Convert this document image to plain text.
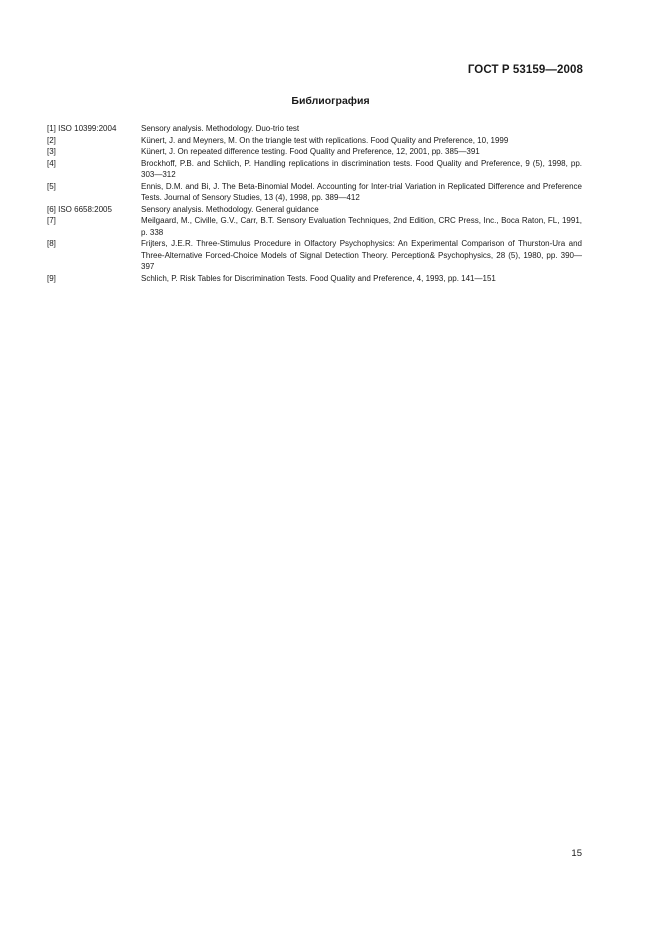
ГОСТ Р 53159—2008
Библиография
[1] ISO 10399:2004	Sensory analysis. Methodology. Duo-trio test
[2]	Künert, J. and Meyners, M. On the triangle test with replications. Food Quality and Preference, 10, 1999
[3]	Künert, J. On repeated difference testing. Food Quality and Preference, 12, 2001, pp. 385—391
[4]	Brockhoff, P.B. and Schlich, P. Handling replications in discrimination tests. Food Quality and Preference, 9 (5), 1998, pp. 303—312
[5]	Ennis, D.M. and Bi, J. The Beta-Binomial Model. Accounting for Inter-trial Variation in Replicated Difference and Preference Tests. Journal of Sensory Studies, 13 (4), 1998, pp. 389—412
[6] ISO 6658:2005	Sensory analysis. Methodology. General guidance
[7]	Meilgaard, M., Civille, G.V., Carr, B.T. Sensory Evaluation Techniques, 2nd Edition, CRC Press, Inc., Boca Raton, FL, 1991, p. 338
[8]	Frijters, J.E.R. Three-Stimulus Procedure in Olfactory Psychophysics: An Experimental Comparison of Thurston-Ura and Three-Alternative Forced-Choice Models of Signal Detection Theory. Perception& Psychophysics, 28 (5), 1980, pp. 390—397
[9]	Schlich, P. Risk Tables for Discrimination Tests. Food Quality and Preference, 4, 1993, pp. 141—151
15
